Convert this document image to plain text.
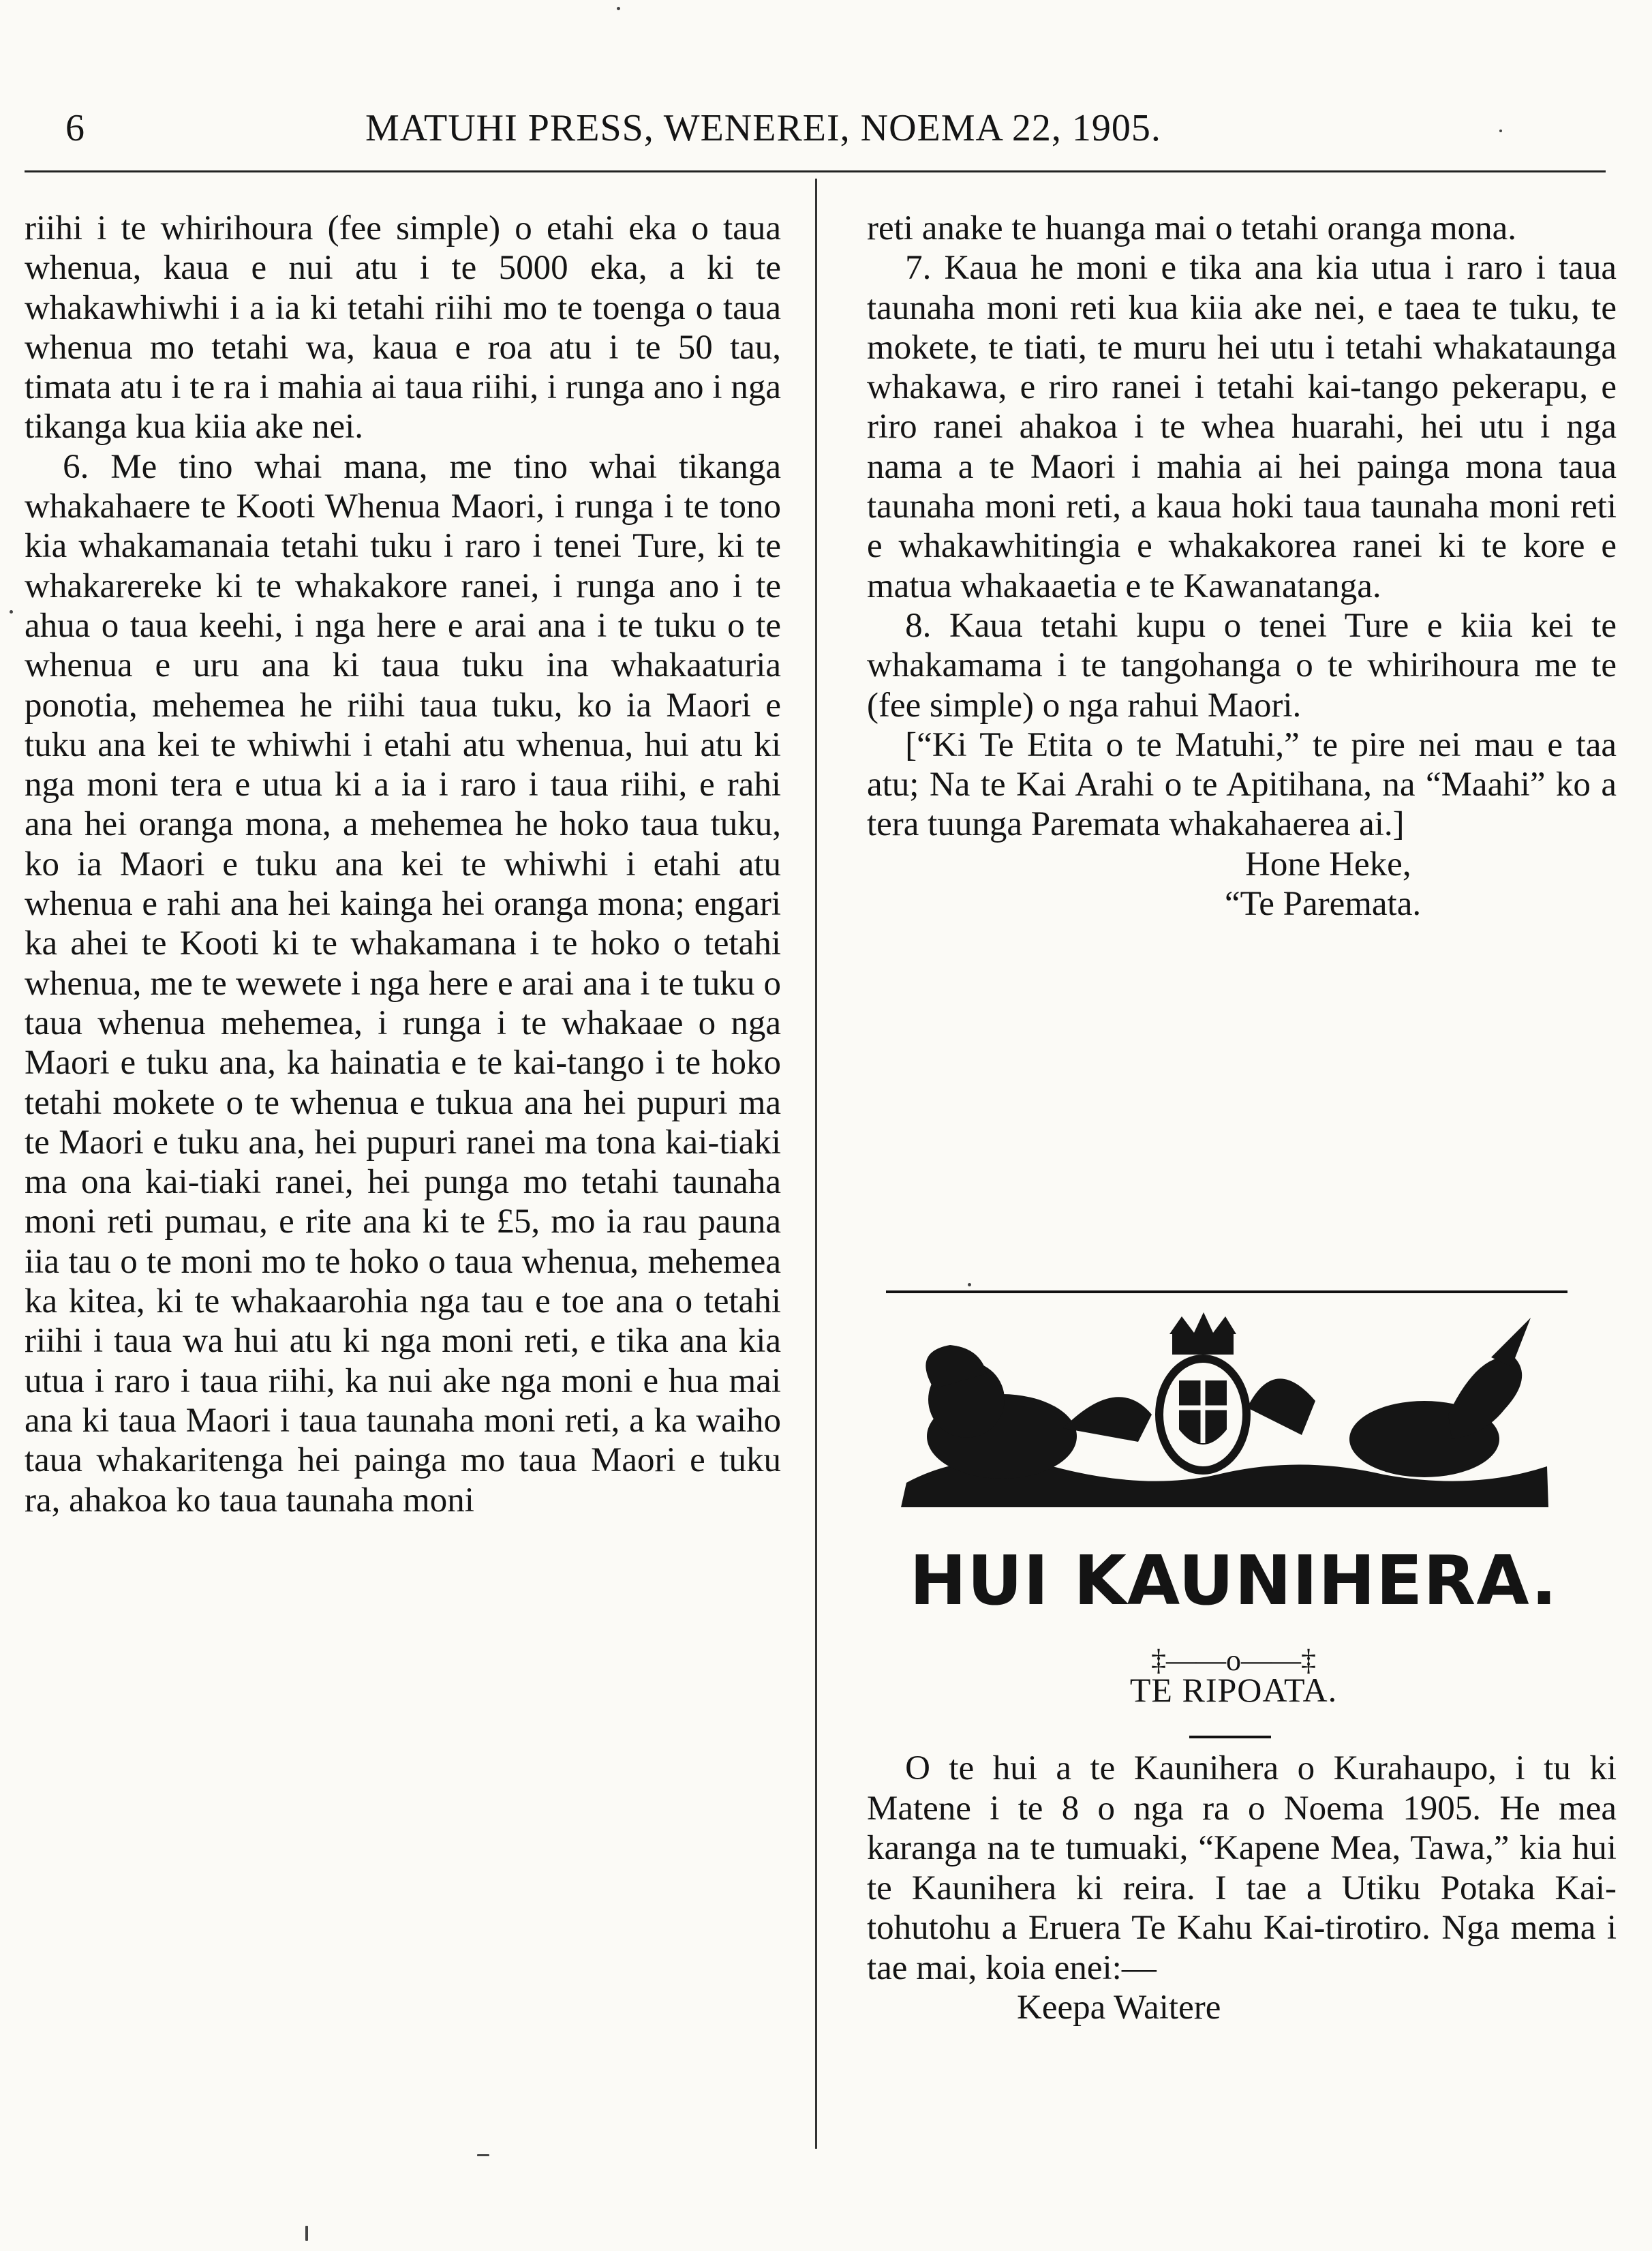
6	MATUHI PRESS, WENEREI, NOEMA 22, 1905.

riihi i te whirihoura (fee simple) o etahi eka o taua whenua, kaua e nui atu i te 5000 eka, a ki te whakawhiwhi i a ia ki tetahi riihi mo te toenga o taua whenua mo tetahi wa, kaua e roa atu i te 50 tau, timata atu i te ra i mahia ai taua riihi, i runga ano i nga tikanga kua kiia ake nei.

6. Me tino whai mana, me tino whai tikanga whakahaere te Kooti Whenua Maori, i runga i te tono kia whakamanaia tetahi tuku i raro i tenei Ture, ki te whakarereke ki te whakakore ranei, i runga ano i te ahua o taua keehi, i nga here e arai ana i te tuku o te whenua e uru ana ki taua tuku ina whakaaturia ponotia, mehemea he riihi taua tuku, ko ia Maori e tuku ana kei te whiwhi i etahi atu whenua, hui atu ki nga moni tera e utua ki a ia i raro i taua riihi, e rahi ana hei oranga mona, a mehemea he hoko taua tuku, ko ia Maori e tuku ana kei te whiwhi i etahi atu whenua e rahi ana hei kainga hei oranga mona; engari ka ahei te Kooti ki te whakamana i te hoko o tetahi whenua, me te wewete i nga here e arai ana i te tuku o taua whenua mehemea, i runga i te whakaae o nga Maori e tuku ana, ka hainatia e te kai-tango i te hoko tetahi mokete o te whenua e tukua ana hei pupuri ma te Maori e tuku ana, hei pupuri ranei ma tona kai-tiaki ma ona kai-tiaki ranei, hei punga mo tetahi taunaha moni reti pumau, e rite ana ki te £5, mo ia rau pauna iia tau o te moni mo te hoko o taua whenua, mehemea ka kitea, ki te whakaarohia nga tau e toe ana o tetahi riihi i taua wa hui atu ki nga moni reti, e tika ana kia utua i raro i taua riihi, ka nui ake nga moni e hua mai ana ki taua Maori i taua taunaha moni reti, a ka waiho taua whakaritenga hei painga mo taua Maori e tuku ra, ahakoa ko taua taunaha moni

reti anake te huanga mai o tetahi oranga mona.

7. Kaua he moni e tika ana kia utua i raro i taua taunaha moni reti kua kiia ake nei, e taea te tuku, te mokete, te tiati, te muru hei utu i tetahi whakataunga whakawa, e riro ranei i tetahi kai-tango pekerapu, e riro ranei ahakoa i te whea huarahi, hei utu i nga nama a te Maori i mahia ai hei painga mona taua taunaha moni reti, a kaua hoki taua taunaha moni reti e whakawhitingia e whakakorea ranei ki te kore e matua whakaaetia e te Kawanatanga.

8. Kaua tetahi kupu o tenei Ture e kiia kei te whakamama i te tangohanga o te whirihoura me te (fee simple) o nga rahui Maori.

[“Ki Te Etita o te Matuhi,” te pire nei mau e taa atu; Na te Kai Arahi o te Apitihana, na “Maahi” ko a tera tuunga Paremata whakahaerea ai.]

Hone Heke,

“Te Paremata.

HUI KAUNIHERA.
‡——o——‡
TE RIPOATA.

O te hui a te Kaunihera o Kurahaupo, i tu ki Matene i te 8 o nga ra o Noema 1905. He mea karanga na te tumuaki, “Kapene Mea, Tawa,” kia hui te Kaunihera ki reira. I tae a Utiku Potaka Kai-tohutohu a Eruera Te Kahu Kai-tirotiro. Nga mema i tae mai, koia enei:—

Keepa Waitere
